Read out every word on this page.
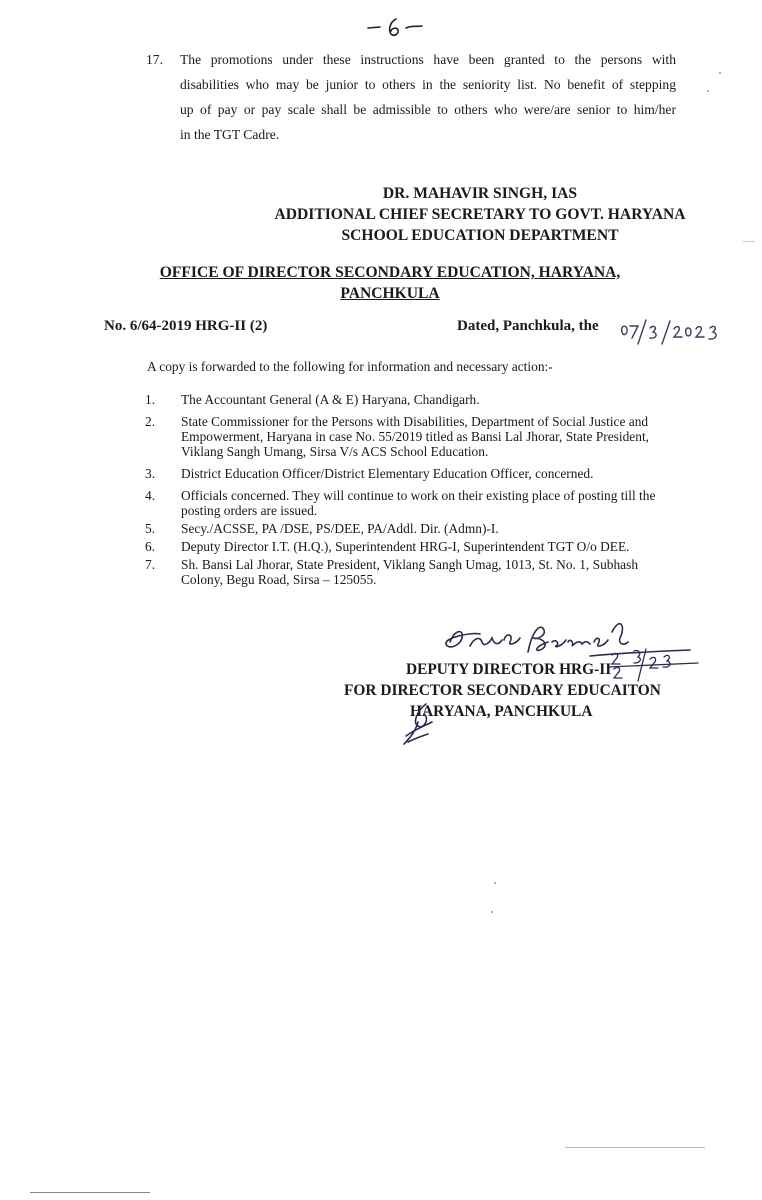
17. The promotions under these instructions have been granted to the persons with
disabilities who may be junior to others in the seniority list. No benefit of stepping
up of pay or pay scale shall be admissible to others who were/are senior to him/her
in the TGT Cadre.
DR. MAHAVIR SINGH, IAS
ADDITIONAL CHIEF SECRETARY TO GOVT. HARYANA
SCHOOL EDUCATION DEPARTMENT
OFFICE OF DIRECTOR SECONDARY EDUCATION, HARYANA,
PANCHKULA
No. 6/64-2019 HRG-II (2)	Dated, Panchkula, the
A copy is forwarded to the following for information and necessary action:-
1. The Accountant General (A & E) Haryana, Chandigarh.
2. State Commissioner for the Persons with Disabilities, Department of Social Justice and Empowerment, Haryana in case No. 55/2019 titled as Bansi Lal Jhorar, State President, Viklang Sangh Umang, Sirsa V/s ACS School Education.
3. District Education Officer/District Elementary Education Officer, concerned.
4. Officials concerned. They will continue to work on their existing place of posting till the posting orders are issued.
5. Secy./ACSSE, PA /DSE, PS/DEE, PA/Addl. Dir. (Admn)-I.
6. Deputy Director I.T. (H.Q.), Superintendent HRG-I, Superintendent TGT O/o DEE.
7. Sh. Bansi Lal Jhorar, State President, Viklang Sangh Umag, 1013, St. No. 1, Subhash Colony, Begu Road, Sirsa – 125055.
DEPUTY DIRECTOR HRG-II
FOR DIRECTOR SECONDARY EDUCAITON
HARYANA, PANCHKULA
